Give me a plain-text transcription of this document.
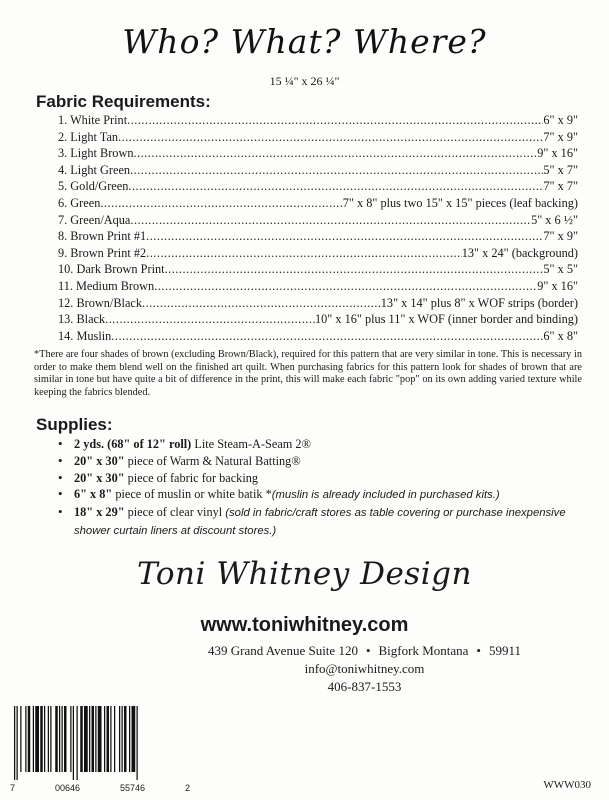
Who? What? Where?
15 ¼" x 26 ¼"
Fabric Requirements:
1. White Print .....	6" x 9"
2. Light Tan .....	7" x 9"
3. Light Brown .....	9" x 16"
4. Light Green .....	5" x 7"
5. Gold/Green .....	7" x 7"
6. Green .....	7" x 8" plus two 15" x 15" pieces (leaf backing)
7. Green/Aqua .....	5" x 6 ½"
8. Brown Print #1 .....	7" x 9"
9. Brown Print #2 .....	13" x 24" (background)
10. Dark Brown Print .....	5" x 5"
11. Medium Brown .....	9" x 16"
12. Brown/Black .....	13" x 14" plus 8" x WOF strips (border)
13. Black .....	10" x 16" plus 11" x WOF (inner border and binding)
14. Muslin .....	6" x 8"
*There are four shades of brown (excluding Brown/Black), required for this pattern that are very similar in tone. This is necessary in order to make them blend well on the finished art quilt. When purchasing fabrics for this pattern look for shades of brown that are similar in tone but have quite a bit of difference in the print, this will make each fabric "pop" on its own adding varied texture while keeping the fabrics blended.
Supplies:
• 2 yds. (68" of 12" roll) Lite Steam-A-Seam 2®
• 20" x 30" piece of Warm & Natural Batting®
• 20" x 30" piece of fabric for backing
• 6" x 8" piece of muslin or white batik *(muslin is already included in purchased kits.)
• 18" x 29" piece of clear vinyl (sold in fabric/craft stores as table covering or purchase inexpensive shower curtain liners at discount stores.)
Toni Whitney Design
www.toniwhitney.com
439 Grand Avenue Suite 120 • Bigfork Montana • 59911
info@toniwhitney.com
406-837-1553
7	00646	55746	2	WWW030
